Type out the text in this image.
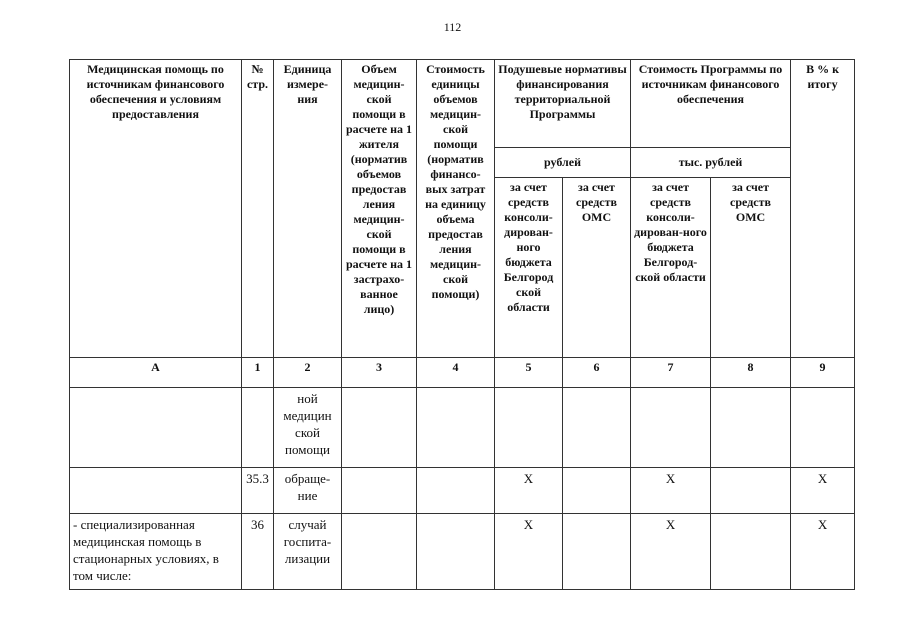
112
Медицинская помощь по источникам финансового обеспечения и условиям предоставления	№ стр.	Единица измере-ния	Объем медицин-ской помощи в расчете на 1 жителя (норматив объемов предостав ления медицин-ской помощи в расчете на 1 застрахо-ванное лицо)	Стоимость единицы объемов медицин-ской помощи (норматив финансо-вых затрат на единицу объема предостав ления медицин-ской помощи)	Подушевые нормативы финансирования территориальной Программы		Стоимость Программы по источникам финансового обеспечения		В % к итогу
					рублей		тыс. рублей		
					за счет средств консоли-дирован-ного бюджета Белгород ской области	за счет средств ОМС	за счет средств консоли-дирован-ного бюджета Белгород-ской области	за счет средств ОМС	
А	1	2	3	4	5	6	7	8	9
		ной медицин ской помощи							
	35.3	обраще-ние			X		X		X
- специализированная медицинская помощь в стационарных условиях, в том числе:	36	случай госпита-лизации			X		X		X
